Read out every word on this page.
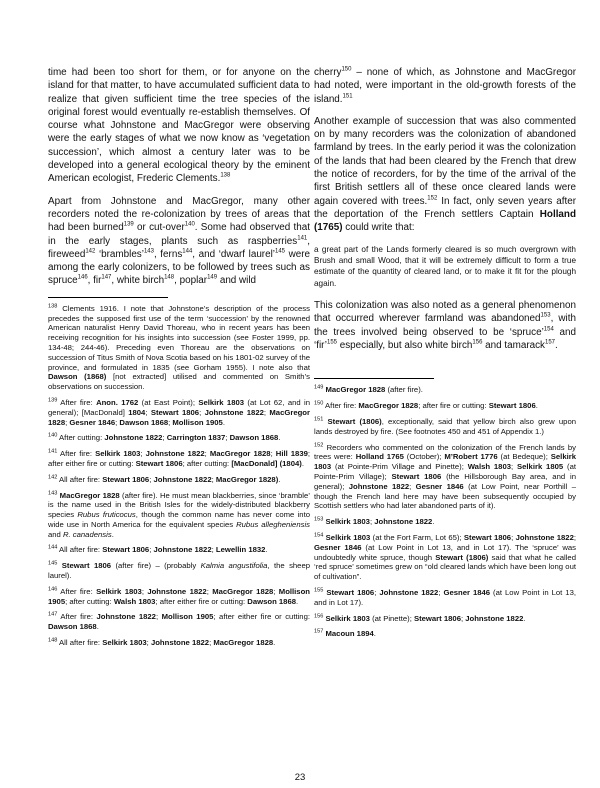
time had been too short for them, or for anyone on the island for that matter, to have accumulated sufficient data to realize that given sufficient time the tree species of the original forest would eventually re-establish themselves. Of course what Johnstone and MacGregor were observing were the early stages of what we now know as ‘vegetation succession’, which almost a century later was to be developed into a general ecological theory by the eminent American ecologist, Frederic Clements.$^{138}$

Apart from Johnstone and MacGregor, many other recorders noted the re-colonization by trees of areas that had been burned$^{139}$ or cut-over$^{140}$. Some had observed that in the early stages, plants such as raspberries$^{141}$, fireweed$^{142}$ ‘brambles’$^{143}$, ferns$^{144}$, and ‘dwarf laurel’$^{145}$ were among the early colonizers, to be followed by trees such as spruce$^{146}$, fir$^{147}$, white birch$^{148}$, poplar$^{149}$ and wild

$^{138}$ Clements 1916. I note that Johnstone’s description of the process precedes the supposed first use of the term ‘succession’ by the renowned American naturalist Henry David Thoreau, who in recent years has been receiving recognition for his insights into succession (see Foster 1999, pp. 134-48; 244-46). Preceding even Thoreau are the observations on succession of Titus Smith of Nova Scotia based on his 1801-02 survey of the province, and formulated in 1835 (see Gorham 1955). I note also that Dawson (1868) [not extracted] utilised and commented on Smith’s observations on succession.

$^{139}$ After fire: Anon. 1762 (at East Point); Selkirk 1803 (at Lot 62, and in general); [MacDonald] 1804; Stewart 1806; Johnstone 1822; MacGregor 1828; Gesner 1846; Dawson 1868; Mollison 1905.

$^{140}$ After cutting: Johnstone 1822; Carrington 1837; Dawson 1868.

$^{141}$ After fire: Selkirk 1803; Johnstone 1822; MacGregor 1828; Hill 1839; after either fire or cutting: Stewart 1806; after cutting: [MacDonald] (1804).

$^{142}$ All after fire: Stewart 1806; Johnstone 1822; MacGregor 1828).

$^{143}$ MacGregor 1828 (after fire). He must mean blackberries, since ‘bramble’ is the name used in the British Isles for the widely-distributed blackberry species Rubus fruticocus, though the common name has never come into wide use in North America for the equivalent species Rubus allegheniensis and R. canadensis.

$^{144}$ All after fire: Stewart 1806; Johnstone 1822; Lewellin 1832.

$^{145}$ Stewart 1806 (after fire) – (probably Kalmia angustifolia, the sheep laurel).

$^{146}$ After fire: Selkirk 1803; Johnstone 1822; MacGregor 1828; Mollison 1905; after cutting: Walsh 1803; after either fire or cutting: Dawson 1868.

$^{147}$ After fire: Johnstone 1822; Mollison 1905; after either fire or cutting: Dawson 1868.

$^{148}$ All after fire: Selkirk 1803; Johnstone 1822; MacGregor 1828.

cherry$^{150}$ – none of which, as Johnstone and MacGregor had noted, were important in the old-growth forests of the island.$^{151}$

Another example of succession that was also commented on by many recorders was the colonization of abandoned farmland by trees. In the early period it was the colonization of the lands that had been cleared by the French that drew the notice of recorders, for by the time of the arrival of the first British settlers all of these once cleared lands were again covered with trees.$^{152}$ In fact, only seven years after the deportation of the French settlers Captain Holland (1765) could write that:

a great part of the Lands formerly cleared is so much overgrown with Brush and small Wood, that it will be extremely difficult to form a true estimate of the quantity of cleared land, or to make it fit for the plough again.

This colonization was also noted as a general phenomenon that occurred wherever farmland was abandoned$^{153}$, with the trees involved being observed to be ‘spruce’$^{154}$ and ‘fir’$^{155}$ especially, but also white birch$^{156}$ and tamarack$^{157}$.

$^{149}$ MacGregor 1828 (after fire).

$^{150}$ After fire: MacGregor 1828; after fire or cutting: Stewart 1806.

$^{151}$ Stewart (1806), exceptionally, said that yellow birch also grew upon lands destroyed by fire. (See footnotes 450 and 451 of Appendix 1.)

$^{152}$ Recorders who commented on the colonization of the French lands by trees were: Holland 1765 (October); M’Robert 1776 (at Bedeque); Selkirk 1803 (at Pointe-Prim Village and Pinette); Walsh 1803; Selkirk 1805 (at Pointe-Prim Village); Stewart 1806 (the Hillsborough Bay area, and in general); Johnstone 1822; Gesner 1846 (at Low Point, near Porthill – though the French land here may have been subsequently occupied by Scottish settlers who had later abandoned parts of it).

$^{153}$ Selkirk 1803; Johnstone 1822.

$^{154}$ Selkirk 1803 (at the Fort Farm, Lot 65); Stewart 1806; Johnstone 1822; Gesner 1846 (at Low Point in Lot 13, and in Lot 17). The ‘spruce’ was undoubtedly white spruce, though Stewart (1806) said that what he called ‘red spruce’ sometimes grew on “old cleared lands which have been long out of cultivation”.

$^{155}$ Stewart 1806; Johnstone 1822; Gesner 1846 (at Low Point in Lot 13, and in Lot 17).

$^{156}$ Selkirk 1803 (at Pinette); Stewart 1806; Johnstone 1822.

$^{157}$ Macoun 1894.

23
